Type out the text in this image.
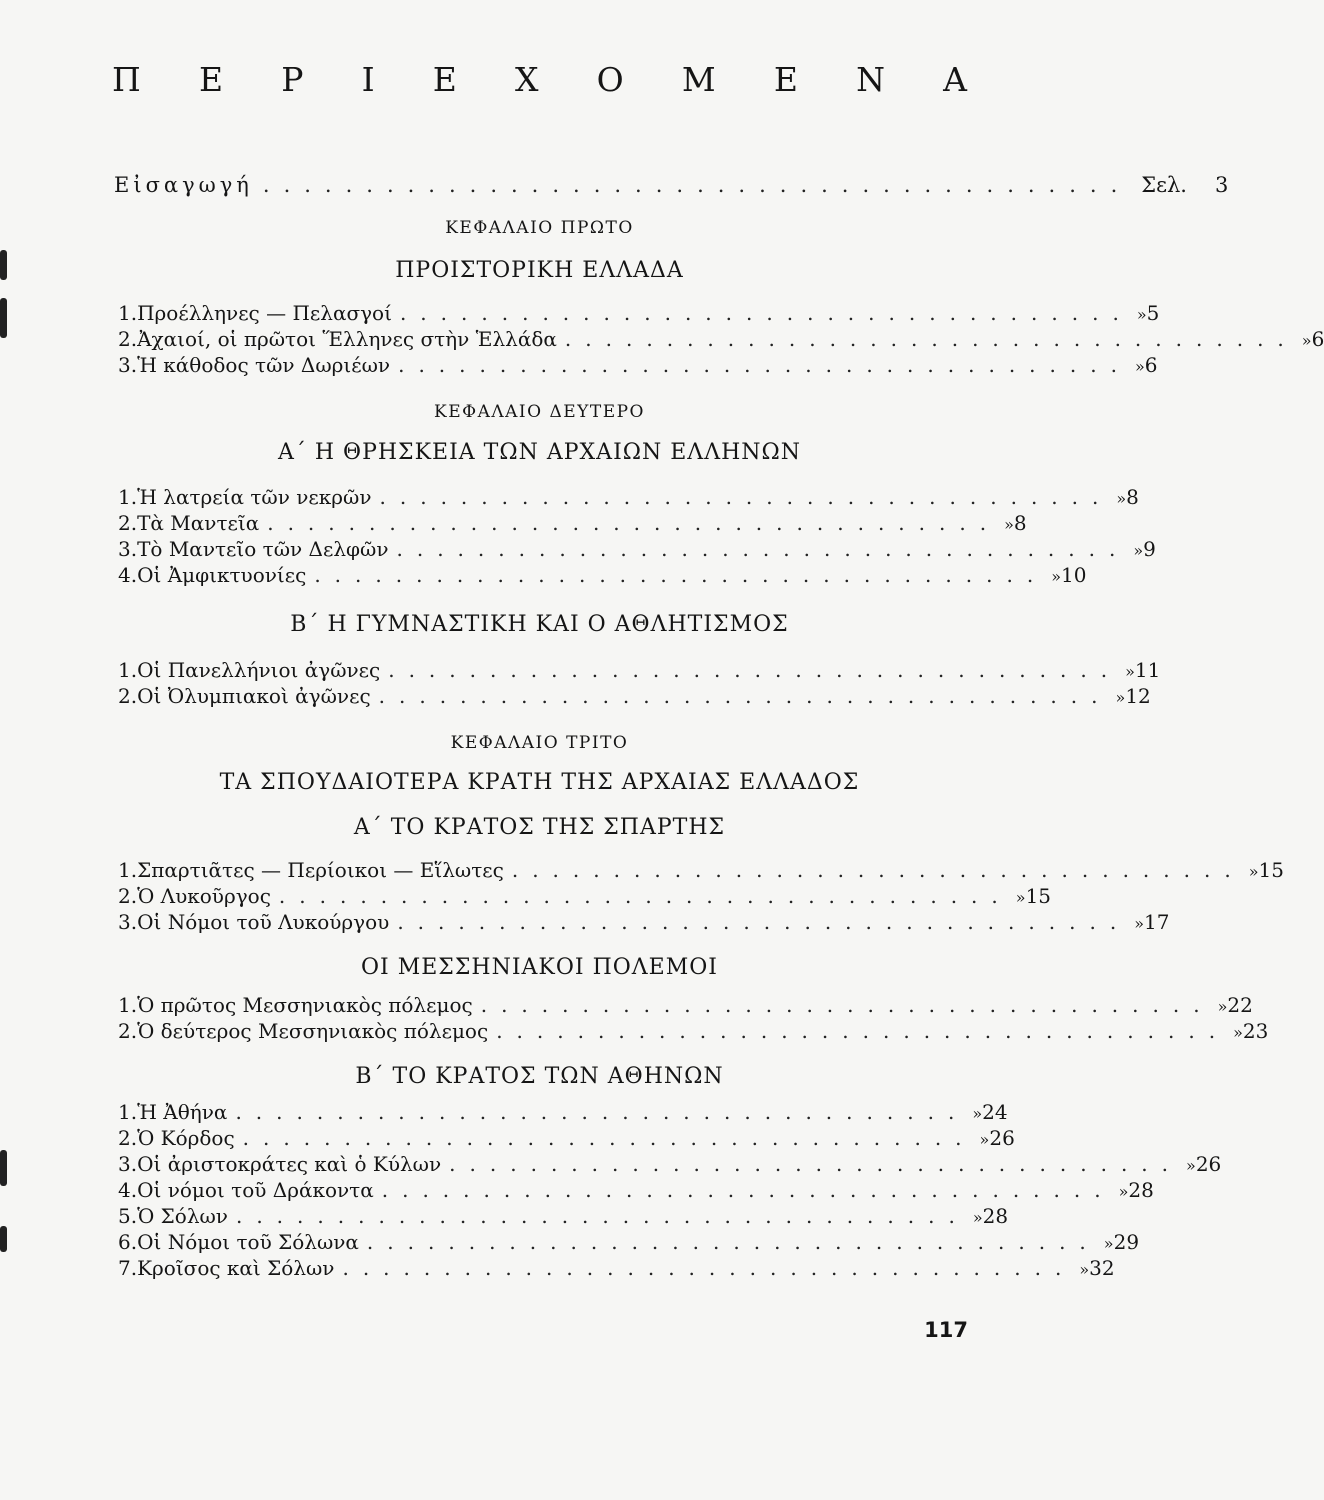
Π Ε Ρ Ι Ε Χ Ο Μ Ε Ν Α
Εἰσαγωγή .......................................... Σελ. 3
ΚΕΦΑΛΑΙΟ ΠΡΩΤΟ
ΠΡΟΙΣΤΟΡΙΚΗ ΕΛΛΑΔΑ
1. Προέλληνες — Πελασγοί .................................... » 5
2. Ἀχαιοί, οἱ πρῶτοι Ἕλληνες στὴν Ἑλλάδα .................................... » 6
3. Ἡ κάθοδος τῶν Δωριέων .................................... » 6
ΚΕΦΑΛΑΙΟ ΔΕΥΤΕΡΟ
Α΄ Η ΘΡΗΣΚΕΙΑ ΤΩΝ ΑΡΧΑΙΩΝ ΕΛΛΗΝΩΝ
1. Ἡ λατρεία τῶν νεκρῶν .................................... » 8
2. Τὰ Μαντεῖα .................................... » 8
3. Τὸ Μαντεῖο τῶν Δελφῶν .................................... » 9
4. Οἱ Ἀμφικτυονίες .................................... » 10
Β΄ Η ΓΥΜΝΑΣΤΙΚΗ ΚΑΙ Ο ΑΘΛΗΤΙΣΜΟΣ
1. Οἱ Πανελλήνιοι ἀγῶνες .................................... » 11
2. Οἱ Ὀλυμπιακοὶ ἀγῶνες .................................... » 12
ΚΕΦΑΛΑΙΟ ΤΡΙΤΟ
ΤΑ ΣΠΟΥΔΑΙΟΤΕΡΑ ΚΡΑΤΗ ΤΗΣ ΑΡΧΑΙΑΣ ΕΛΛΑΔΟΣ
Α΄ ΤΟ ΚΡΑΤΟΣ ΤΗΣ ΣΠΑΡΤΗΣ
1. Σπαρτιᾶτες — Περίοικοι — Εἵλωτες .................................... » 15
2. Ὁ Λυκοῦργος .................................... » 15
3. Οἱ Νόμοι τοῦ Λυκούργου .................................... » 17
ΟΙ ΜΕΣΣΗΝΙΑΚΟΙ ΠΟΛΕΜΟΙ
1. Ὁ πρῶτος Μεσσηνιακὸς πόλεμος .................................... » 22
2. Ὁ δεύτερος Μεσσηνιακὸς πόλεμος .................................... » 23
Β΄ ΤΟ ΚΡΑΤΟΣ ΤΩΝ ΑΘΗΝΩΝ
1. Ἡ Ἀθήνα .................................... » 24
2. Ὁ Κόρδος .................................... » 26
3. Οἱ ἀριστοκράτες καὶ ὁ Κύλων .................................... » 26
4. Οἱ νόμοι τοῦ Δράκοντα .................................... » 28
5. Ὁ Σόλων .................................... » 28
6. Οἱ Νόμοι τοῦ Σόλωνα .................................... » 29
7. Κροῖσος καὶ Σόλων .................................... » 32
117
